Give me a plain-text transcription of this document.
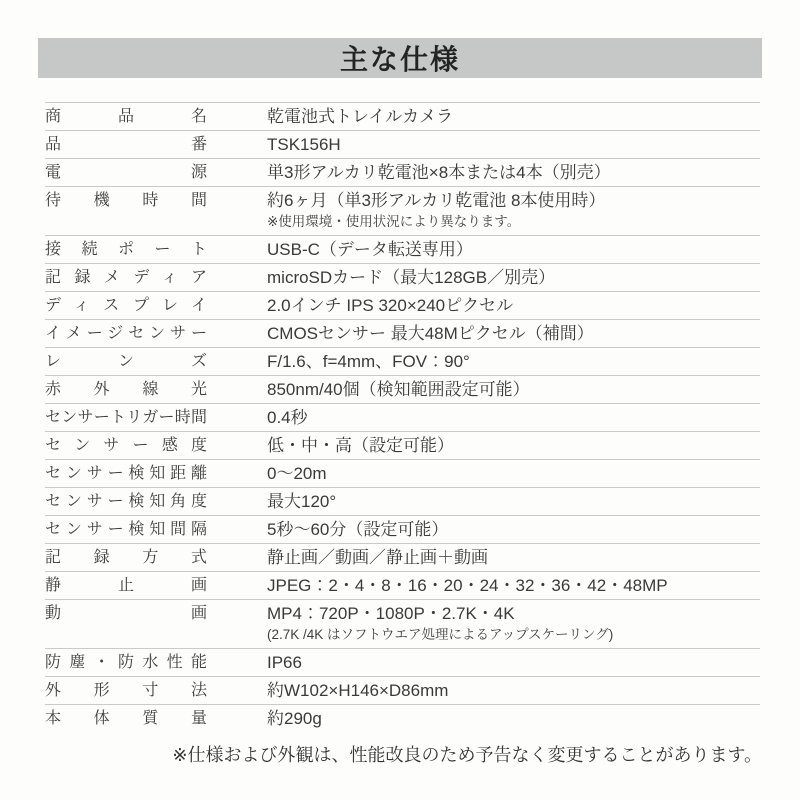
主な仕様
商品名	乾電池式トレイルカメラ
品番	TSK156H
電源	単3形アルカリ乾電池×8本または4本（別売）
待機時間	約6ヶ月（単3形アルカリ乾電池 8本使用時）
※使用環境・使用状況により異なります。
接続ポート	USB-C（データ転送専用）
記録メディア	microSDカード（最大128GB／別売）
ディスプレイ	2.0インチ IPS 320×240ピクセル
イメージセンサー	CMOSセンサー 最大48Mピクセル（補間）
レンズ	F/1.6、f=4mm、FOV：90°
赤外線光	850nm/40個（検知範囲設定可能）
センサートリガー時間	0.4秒
センサー感度	低・中・高（設定可能）
センサー検知距離	0〜20m
センサー検知角度	最大120°
センサー検知間隔	5秒〜60分（設定可能）
記録方式	静止画／動画／静止画＋動画
静止画	JPEG：2・4・8・16・20・24・32・36・42・48MP
動画	MP4：720P・1080P・2.7K・4K
(2.7K /4K はソフトウエア処理によるアップスケーリング)
防塵・防水性能	IP66
外形寸法	約W102×H146×D86mm
本体質量	約290g
※仕様および外観は、性能改良のため予告なく変更することがあります。
